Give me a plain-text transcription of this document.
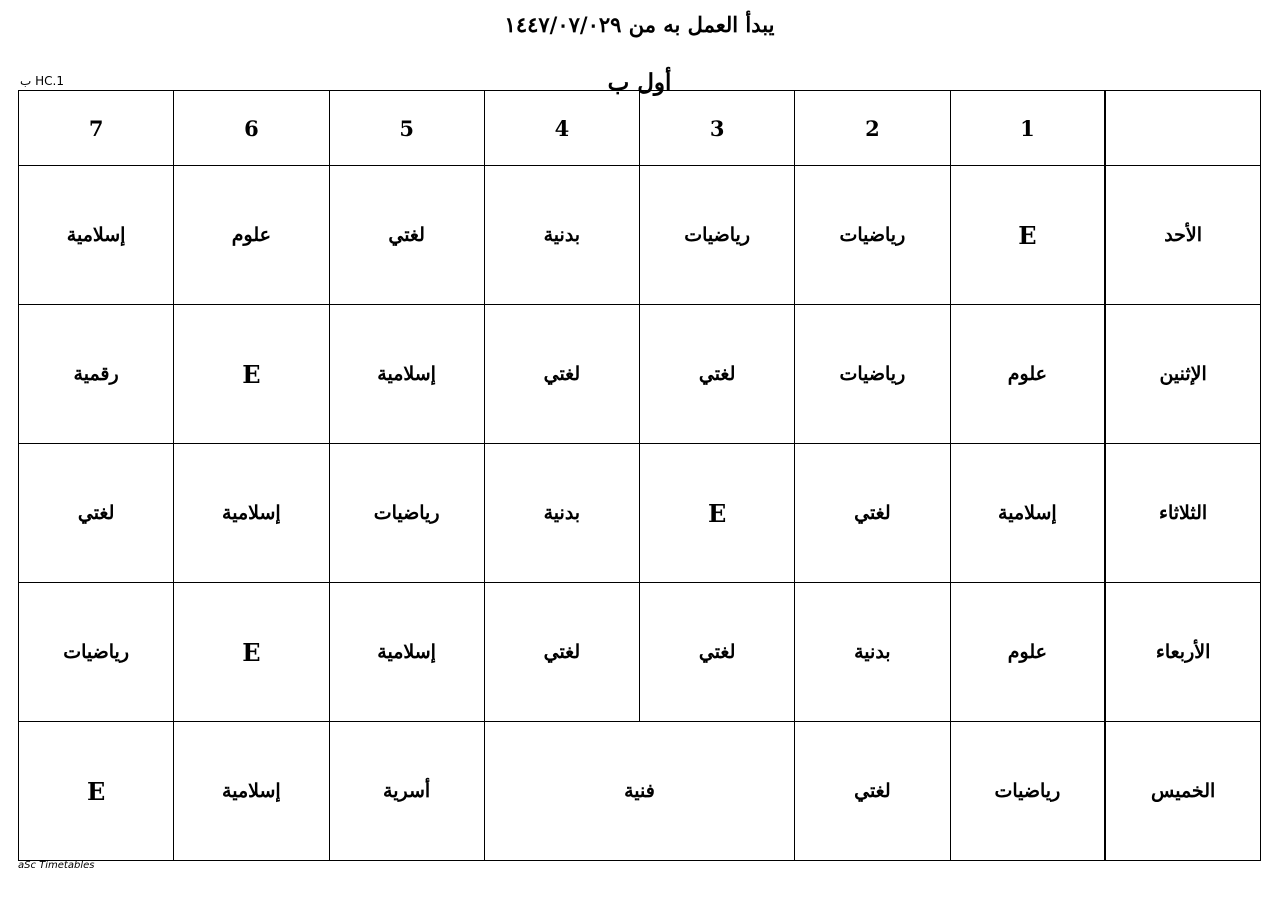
يبدأ العمل به من ١٤٤٧/٠٧/٠٢٩
HC.1 ب	أول ب
	1	2	3	4	5	6	7
الأحد	E	رياضيات	رياضيات	بدنية	لغتي	علوم	إسلامية
الإثنين	علوم	رياضيات	لغتي	لغتي	إسلامية	E	رقمية
الثلاثاء	إسلامية	لغتي	E	بدنية	رياضيات	إسلامية	لغتي
الأربعاء	علوم	بدنية	لغتي	لغتي	إسلامية	E	رياضيات
الخميس	رياضيات	لغتي	فنية		أسرية	إسلامية	E
aSc Timetables
